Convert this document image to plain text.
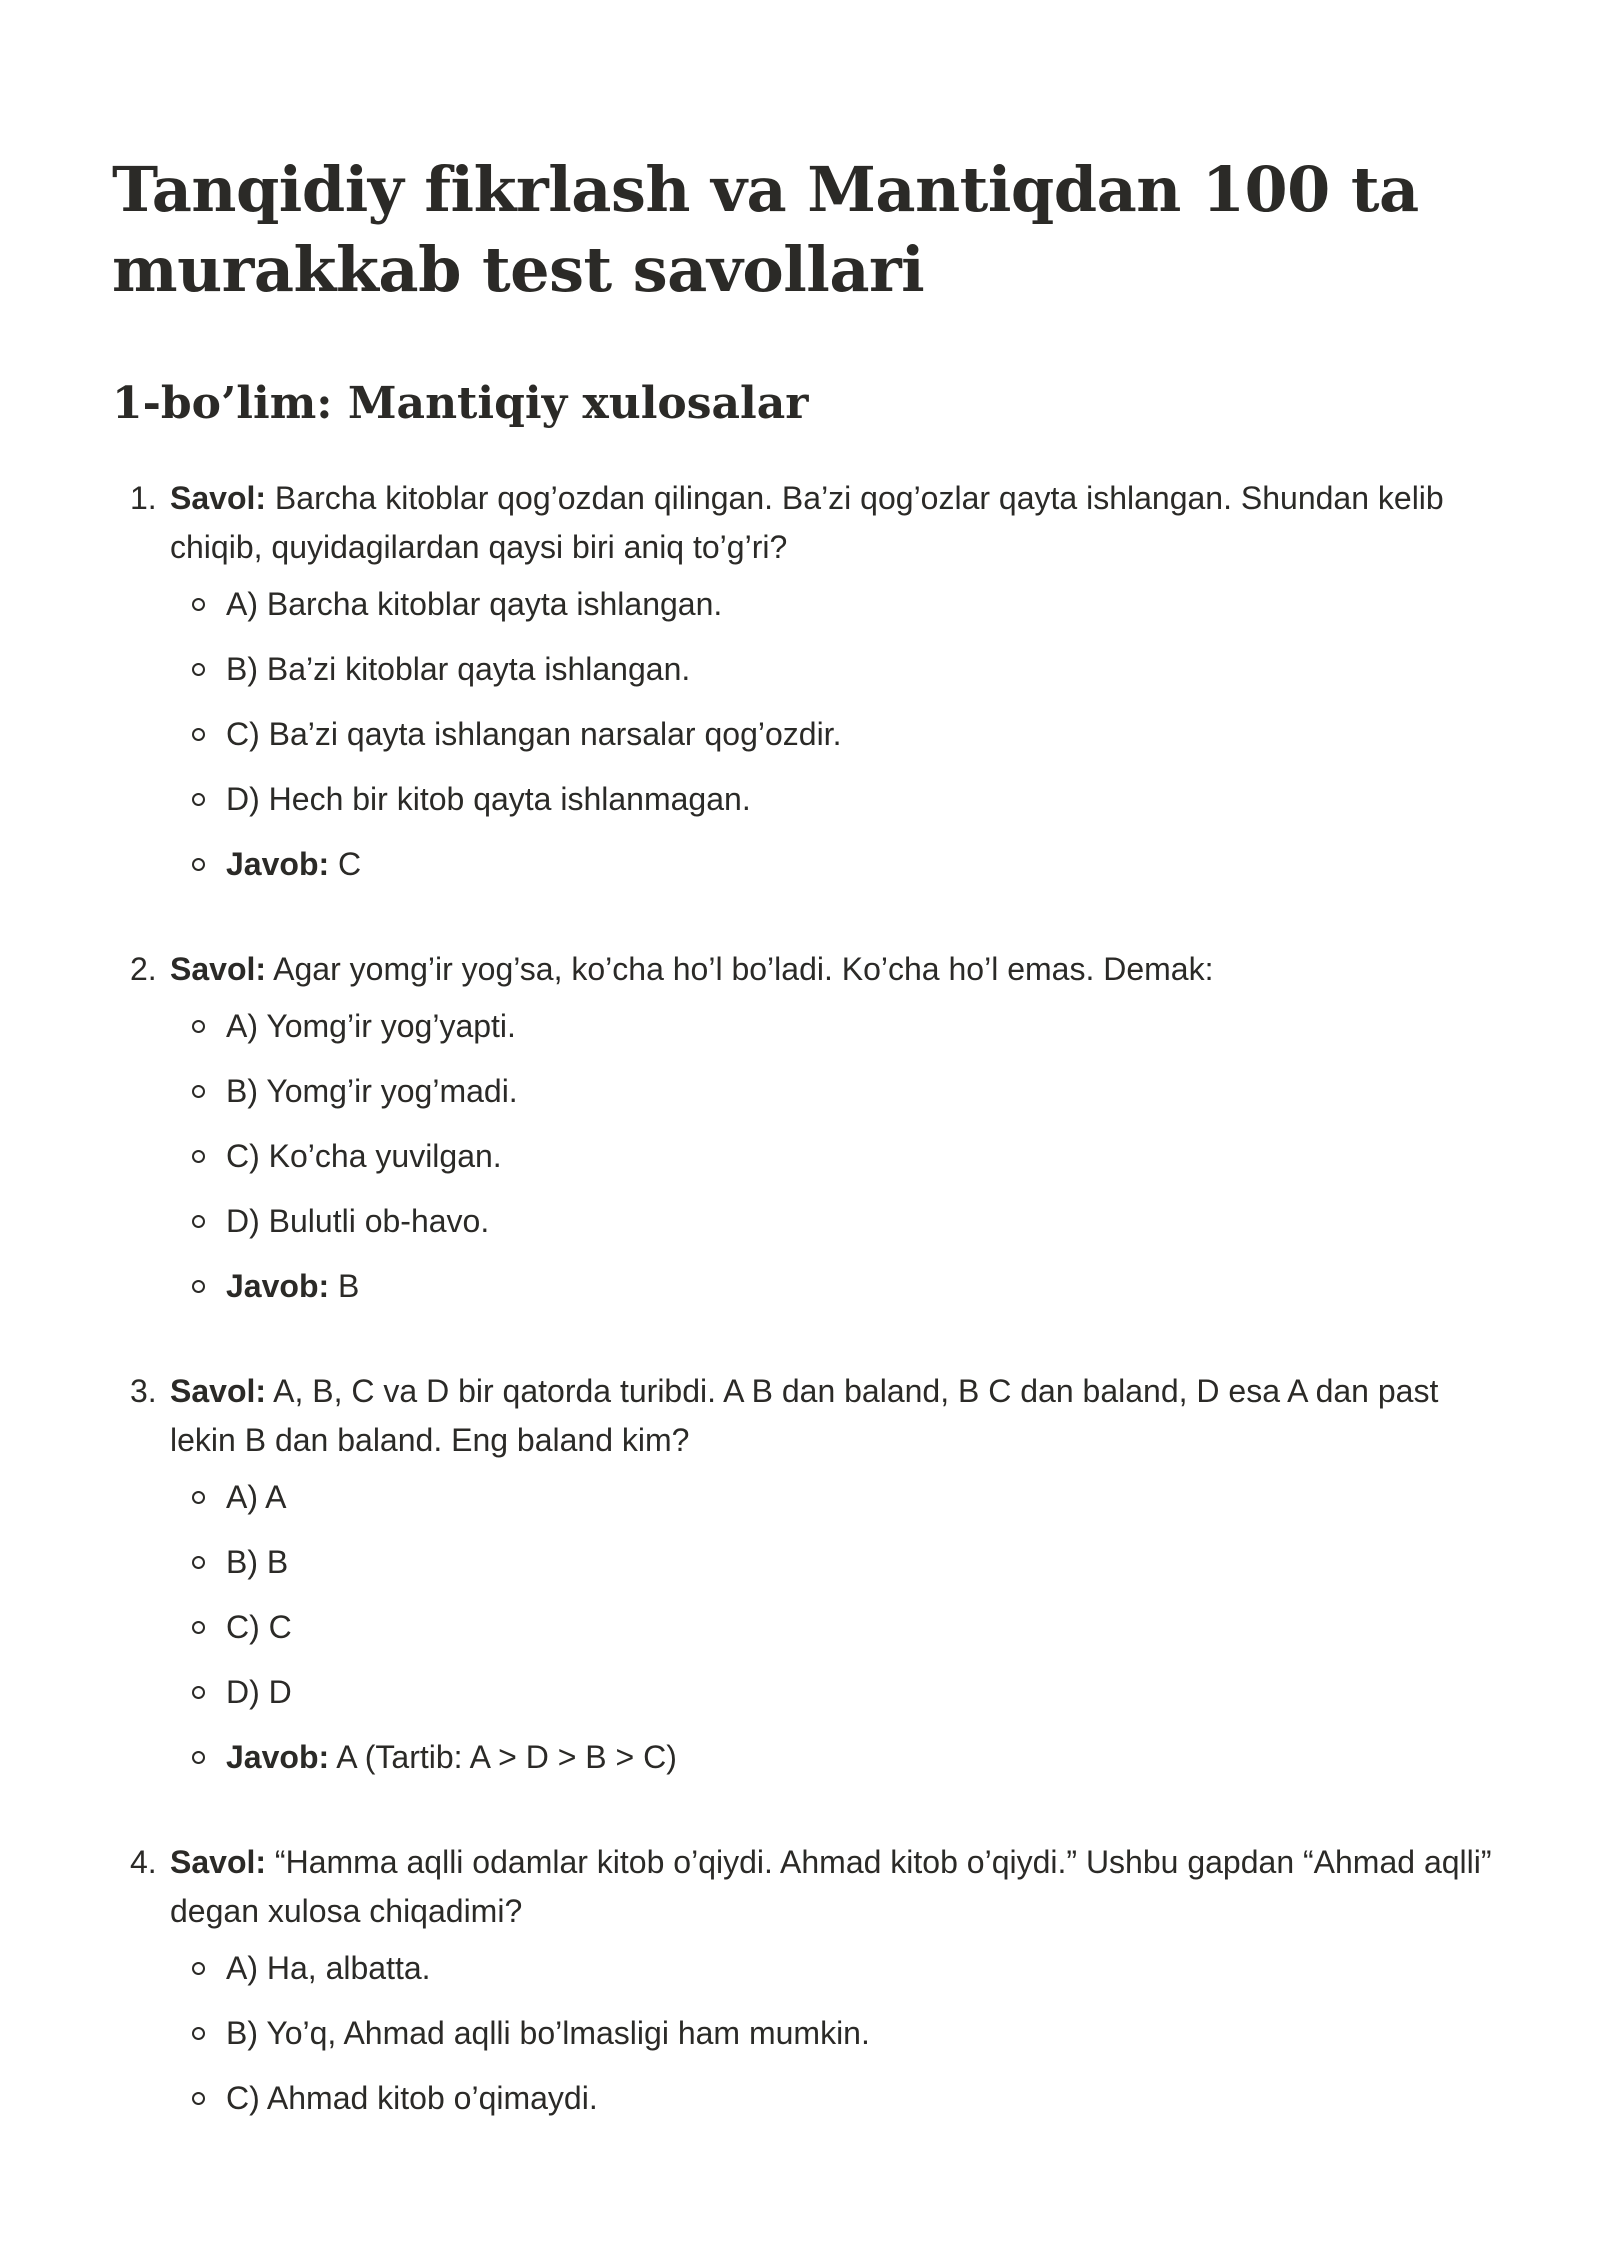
Tanqidiy fikrlash va Mantiqdan 100 ta murakkab test savollari
1-bo’lim: Mantiqiy xulosalar
1. Savol: Barcha kitoblar qog’ozdan qilingan. Ba’zi qog’ozlar qayta ishlangan. Shundan kelib chiqib, quyidagilardan qaysi biri aniq to’g’ri?
A) Barcha kitoblar qayta ishlangan.
B) Ba’zi kitoblar qayta ishlangan.
C) Ba’zi qayta ishlangan narsalar qog’ozdir.
D) Hech bir kitob qayta ishlanmagan.
Javob: C
2. Savol: Agar yomg’ir yog’sa, ko’cha ho’l bo’ladi. Ko’cha ho’l emas. Demak:
A) Yomg’ir yog’yapti.
B) Yomg’ir yog’madi.
C) Ko’cha yuvilgan.
D) Bulutli ob-havo.
Javob: B
3. Savol: A, B, C va D bir qatorda turibdi. A B dan baland, B C dan baland, D esa A dan past lekin B dan baland. Eng baland kim?
A) A
B) B
C) C
D) D
Javob: A (Tartib: A > D > B > C)
4. Savol: “Hamma aqlli odamlar kitob o’qiydi. Ahmad kitob o’qiydi.” Ushbu gapdan “Ahmad aqlli” degan xulosa chiqadimi?
A) Ha, albatta.
B) Yo’q, Ahmad aqlli bo’lmasligi ham mumkin.
C) Ahmad kitob o’qimaydi.
